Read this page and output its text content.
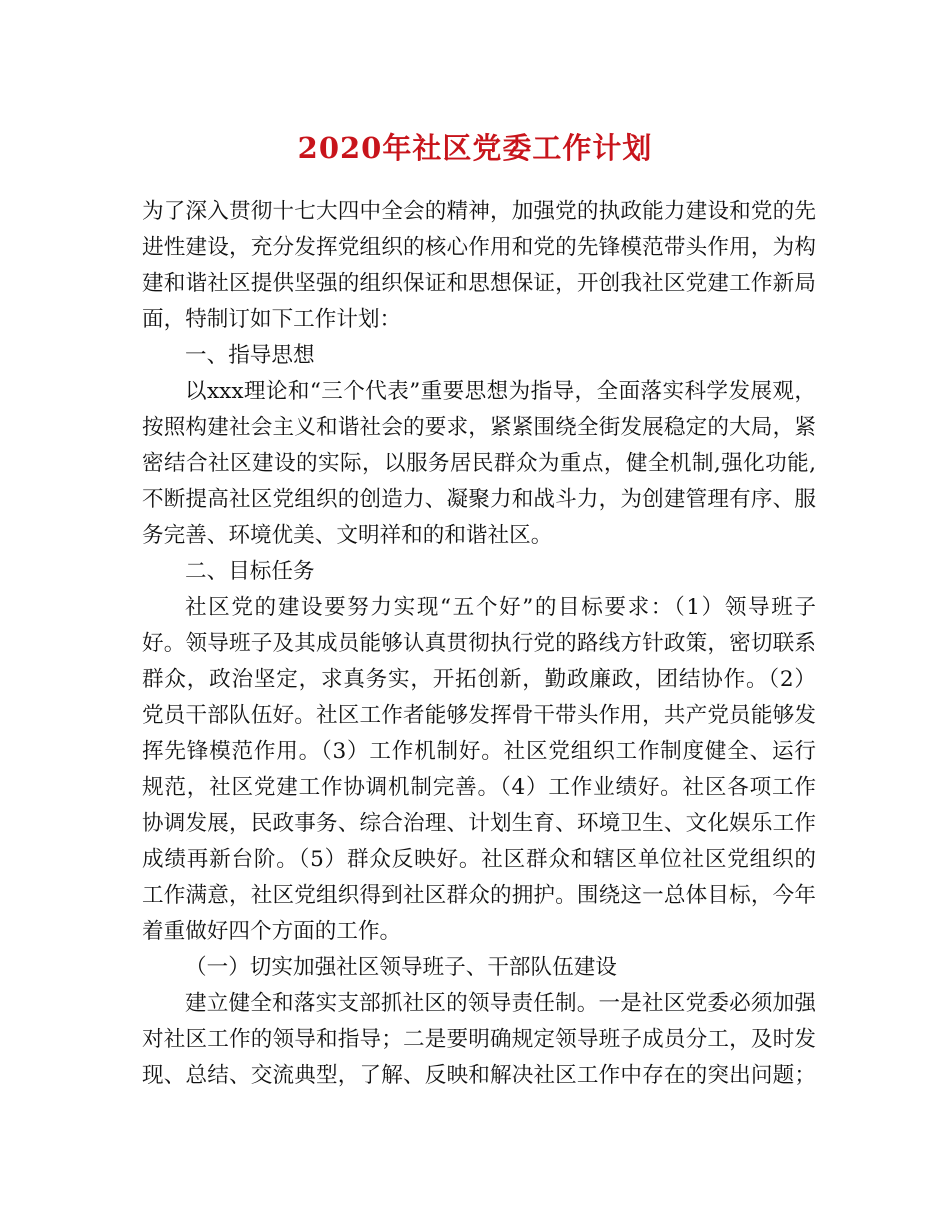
2020年社区党委工作计划
为了深入贯彻十七大四中全会的精神，加强党的执政能力建设和党的先
进性建设，充分发挥党组织的核心作用和党的先锋模范带头作用，为构
建和谐社区提供坚强的组织保证和思想保证，开创我社区党建工作新局
面，特制订如下工作计划：
一、指导思想
以xxx理论和“三个代表”重要思想为指导，全面落实科学发展观，
按照构建社会主义和谐社会的要求，紧紧围绕全街发展稳定的大局，紧
密结合社区建设的实际，以服务居民群众为重点，健全机制,强化功能,
不断提高社区党组织的创造力、凝聚力和战斗力，为创建管理有序、服
务完善、环境优美、文明祥和的和谐社区。
二、目标任务
社区党的建设要努力实现“五个好”的目标要求：（1）领导班子
好。领导班子及其成员能够认真贯彻执行党的路线方针政策，密切联系
群众，政治坚定，求真务实，开拓创新，勤政廉政，团结协作。（2）
党员干部队伍好。社区工作者能够发挥骨干带头作用，共产党员能够发
挥先锋模范作用。（3）工作机制好。社区党组织工作制度健全、运行
规范，社区党建工作协调机制完善。（4）工作业绩好。社区各项工作
协调发展，民政事务、综合治理、计划生育、环境卫生、文化娱乐工作
成绩再新台阶。（5）群众反映好。社区群众和辖区单位社区党组织的
工作满意，社区党组织得到社区群众的拥护。围绕这一总体目标，今年
着重做好四个方面的工作。
（一）切实加强社区领导班子、干部队伍建设
建立健全和落实支部抓社区的领导责任制。一是社区党委必须加强
对社区工作的领导和指导；二是要明确规定领导班子成员分工，及时发
现、总结、交流典型，了解、反映和解决社区工作中存在的突出问题；
